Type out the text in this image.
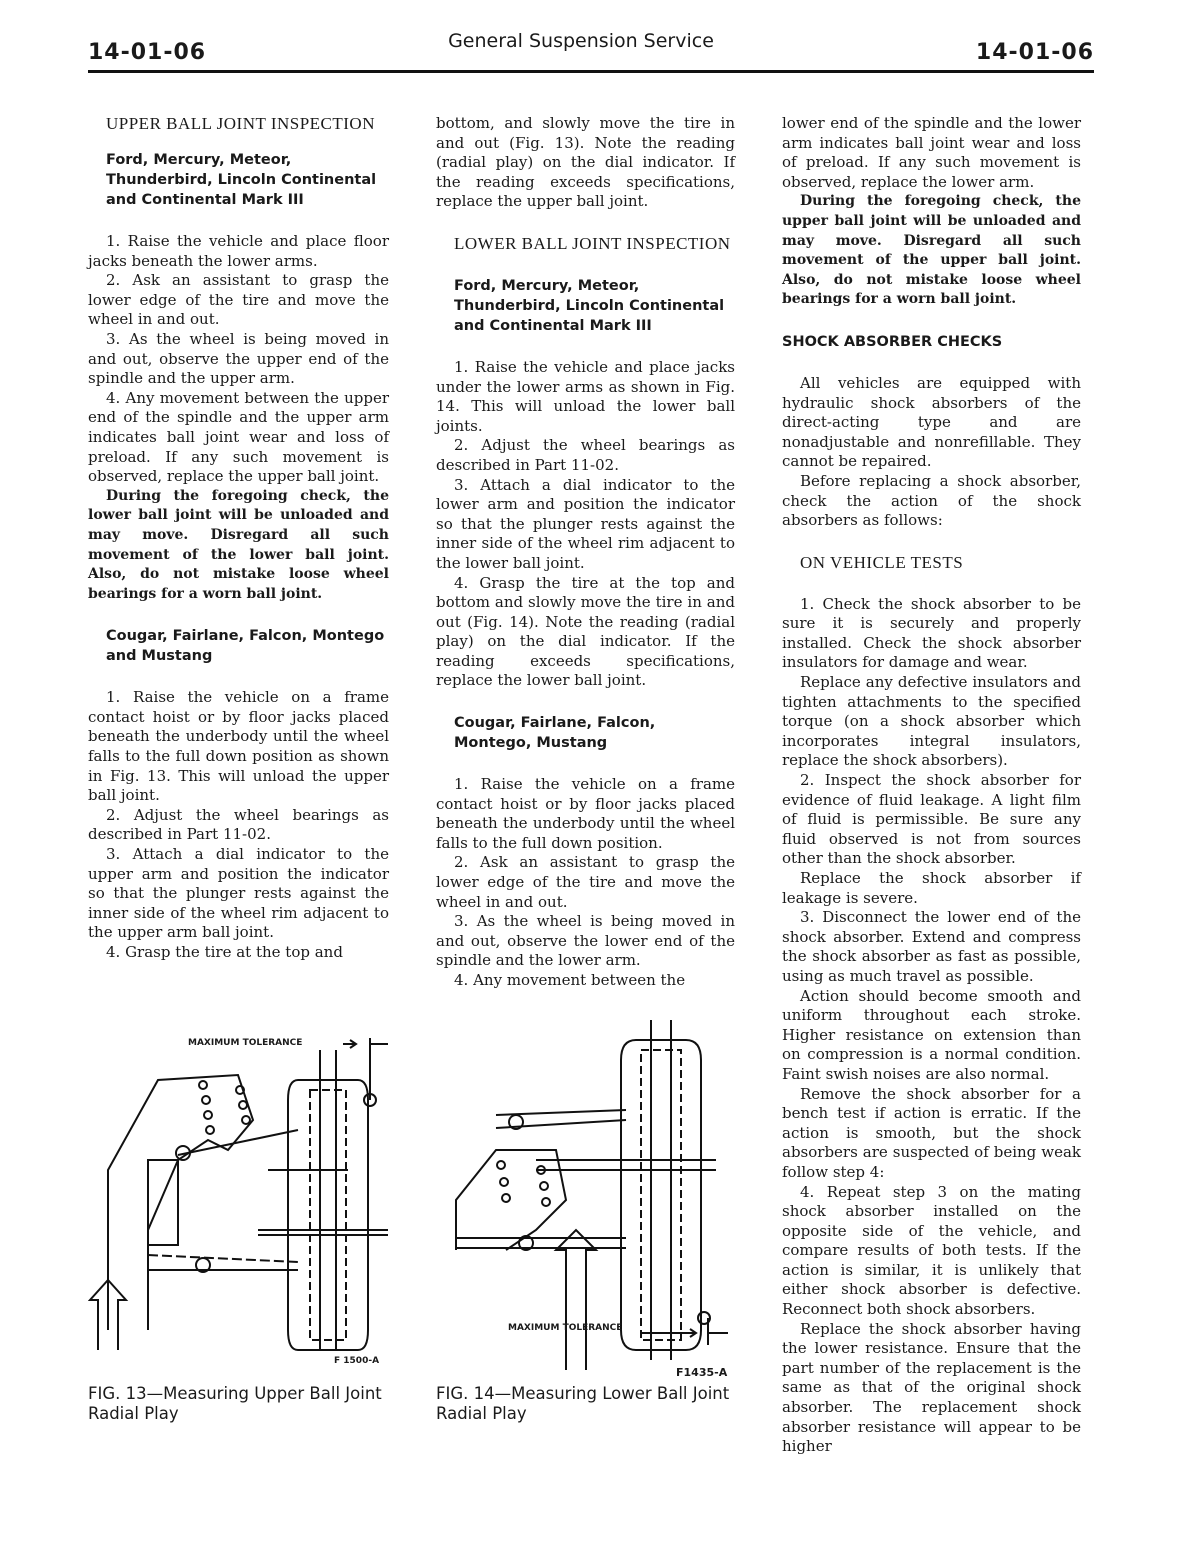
14-01-06	General Suspension Service	14-01-06
UPPER BALL JOINT INSPECTION
Ford, Mercury, Meteor, Thunderbird, Lincoln Continental and Continental Mark III

1. Raise the vehicle and place floor jacks beneath the lower arms.

2. Ask an assistant to grasp the lower edge of the tire and move the wheel in and out.

3. As the wheel is being moved in and out, observe the upper end of the spindle and the upper arm.

4. Any movement between the upper end of the spindle and the upper arm indicates ball joint wear and loss of preload. If any such movement is observed, replace the upper ball joint.

During the foregoing check, the lower ball joint will be unloaded and may move. Disregard all such movement of the lower ball joint. Also, do not mistake loose wheel bearings for a worn ball joint.

Cougar, Fairlane, Falcon, Montego and Mustang

1. Raise the vehicle on a frame contact hoist or by floor jacks placed beneath the underbody until the wheel falls to the full down position as shown in Fig. 13. This will unload the upper ball joint.

2. Adjust the wheel bearings as described in Part 11-02.

3. Attach a dial indicator to the upper arm and position the indicator so that the plunger rests against the inner side of the wheel rim adjacent to the upper arm ball joint.

4. Grasp the tire at the top and

bottom, and slowly move the tire in and out (Fig. 13). Note the reading (radial play) on the dial indicator. If the reading exceeds specifications, replace the upper ball joint.

LOWER BALL JOINT INSPECTION
Ford, Mercury, Meteor, Thunderbird, Lincoln Continental and Continental Mark III

1. Raise the vehicle and place jacks under the lower arms as shown in Fig. 14. This will unload the lower ball joints.

2. Adjust the wheel bearings as described in Part 11-02.

3. Attach a dial indicator to the lower arm and position the indicator so that the plunger rests against the inner side of the wheel rim adjacent to the lower ball joint.

4. Grasp the tire at the top and bottom and slowly move the tire in and out (Fig. 14). Note the reading (radial play) on the dial indicator. If the reading exceeds specifications, replace the lower ball joint.

Cougar, Fairlane, Falcon, Montego, Mustang

1. Raise the vehicle on a frame contact hoist or by floor jacks placed beneath the underbody until the wheel falls to the full down position.

2. Ask an assistant to grasp the lower edge of the tire and move the wheel in and out.

3. As the wheel is being moved in and out, observe the lower end of the spindle and the lower arm.

4. Any movement between the

lower end of the spindle and the lower arm indicates ball joint wear and loss of preload. If any such movement is observed, replace the lower arm.

During the foregoing check, the upper ball joint will be unloaded and may move. Disregard all such movement of the upper ball joint. Also, do not mistake loose wheel bearings for a worn ball joint.

SHOCK ABSORBER CHECKS

All vehicles are equipped with hydraulic shock absorbers of the direct-acting type and are nonadjustable and nonrefillable. They cannot be repaired.

Before replacing a shock absorber, check the action of the shock absorbers as follows:

ON VEHICLE TESTS

1. Check the shock absorber to be sure it is securely and properly installed. Check the shock absorber insulators for damage and wear.

Replace any defective insulators and tighten attachments to the specified torque (on a shock absorber which incorporates integral insulators, replace the shock absorbers).

2. Inspect the shock absorber for evidence of fluid leakage. A light film of fluid is permissible. Be sure any fluid observed is not from sources other than the shock absorber.

Replace the shock absorber if leakage is severe.

3. Disconnect the lower end of the shock absorber. Extend and compress the shock absorber as fast as possible, using as much travel as possible.

Action should become smooth and uniform throughout each stroke. Higher resistance on extension than on compression is a normal condition. Faint swish noises are also normal.

Remove the shock absorber for a bench test if action is erratic. If the action is smooth, but the shock absorbers are suspected of being weak follow step 4:

4. Repeat step 3 on the mating shock absorber installed on the opposite side of the vehicle, and compare results of both tests. If the action is similar, it is unlikely that either shock absorber is defective. Reconnect both shock absorbers.

Replace the shock absorber having the lower resistance. Ensure that the part number of the replacement is the same as that of the original shock absorber. The replacement shock absorber resistance will appear to be higher

MAXIMUM TOLERANCE
F 1500-A
FIG. 13—Measuring Upper Ball Joint Radial Play
MAXIMUM TOLERANCE
F1435-A
FIG. 14—Measuring Lower Ball Joint Radial Play
